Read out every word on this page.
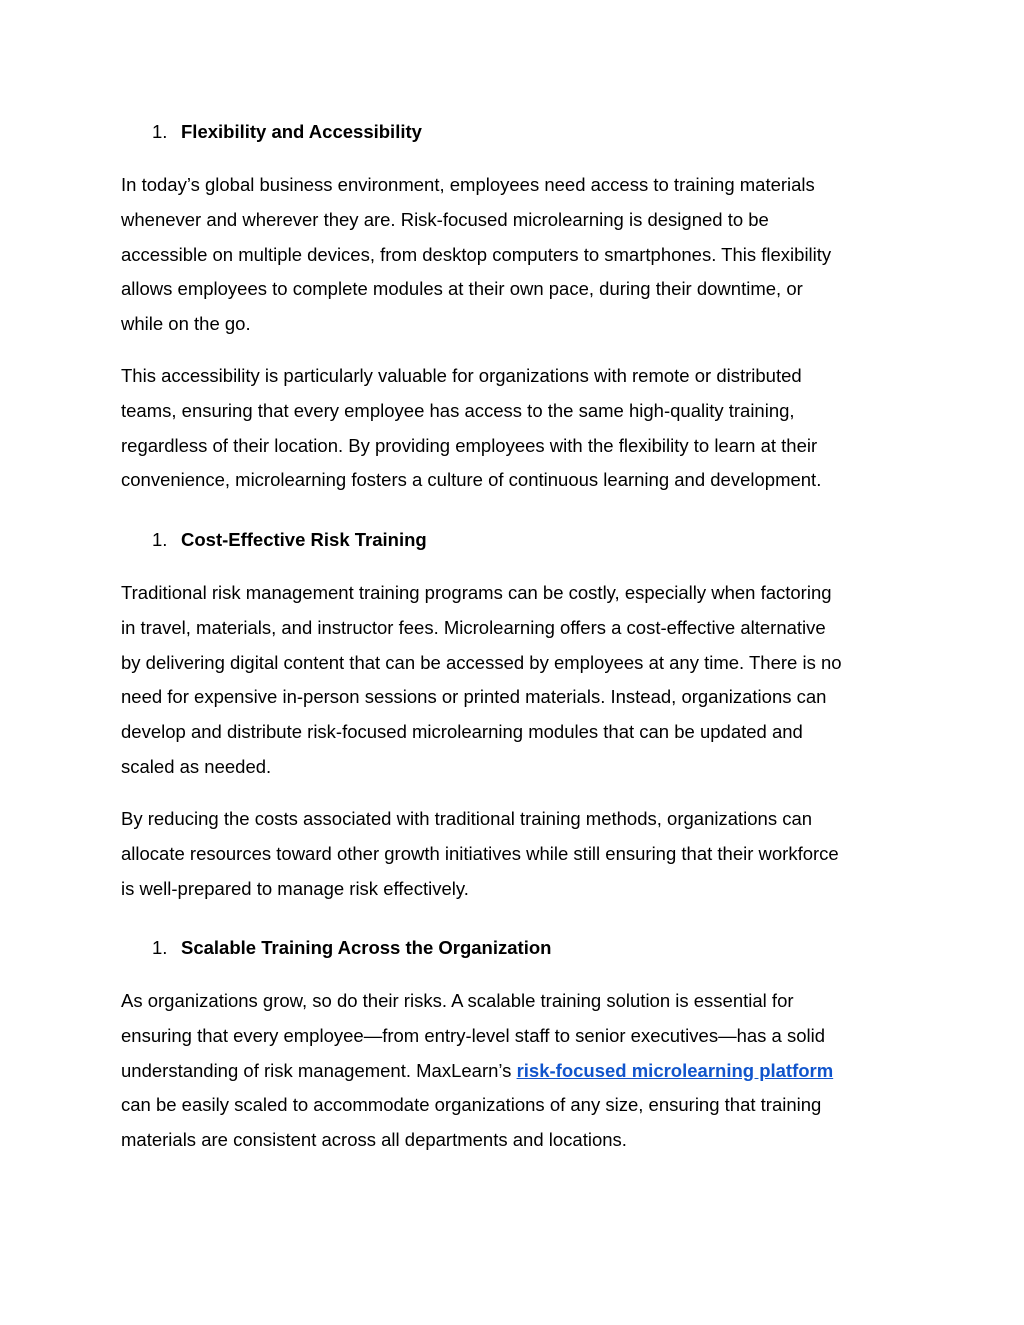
1. Flexibility and Accessibility

In today’s global business environment, employees need access to training materials
whenever and wherever they are. Risk-focused microlearning is designed to be
accessible on multiple devices, from desktop computers to smartphones. This flexibility
allows employees to complete modules at their own pace, during their downtime, or
while on the go.

This accessibility is particularly valuable for organizations with remote or distributed
teams, ensuring that every employee has access to the same high-quality training,
regardless of their location. By providing employees with the flexibility to learn at their
convenience, microlearning fosters a culture of continuous learning and development.

1. Cost-Effective Risk Training

Traditional risk management training programs can be costly, especially when factoring
in travel, materials, and instructor fees. Microlearning offers a cost-effective alternative
by delivering digital content that can be accessed by employees at any time. There is no
need for expensive in-person sessions or printed materials. Instead, organizations can
develop and distribute risk-focused microlearning modules that can be updated and
scaled as needed.

By reducing the costs associated with traditional training methods, organizations can
allocate resources toward other growth initiatives while still ensuring that their workforce
is well-prepared to manage risk effectively.

1. Scalable Training Across the Organization

As organizations grow, so do their risks. A scalable training solution is essential for
ensuring that every employee—from entry-level staff to senior executives—has a solid
understanding of risk management. MaxLearn’s risk-focused microlearning platform
can be easily scaled to accommodate organizations of any size, ensuring that training
materials are consistent across all departments and locations.
